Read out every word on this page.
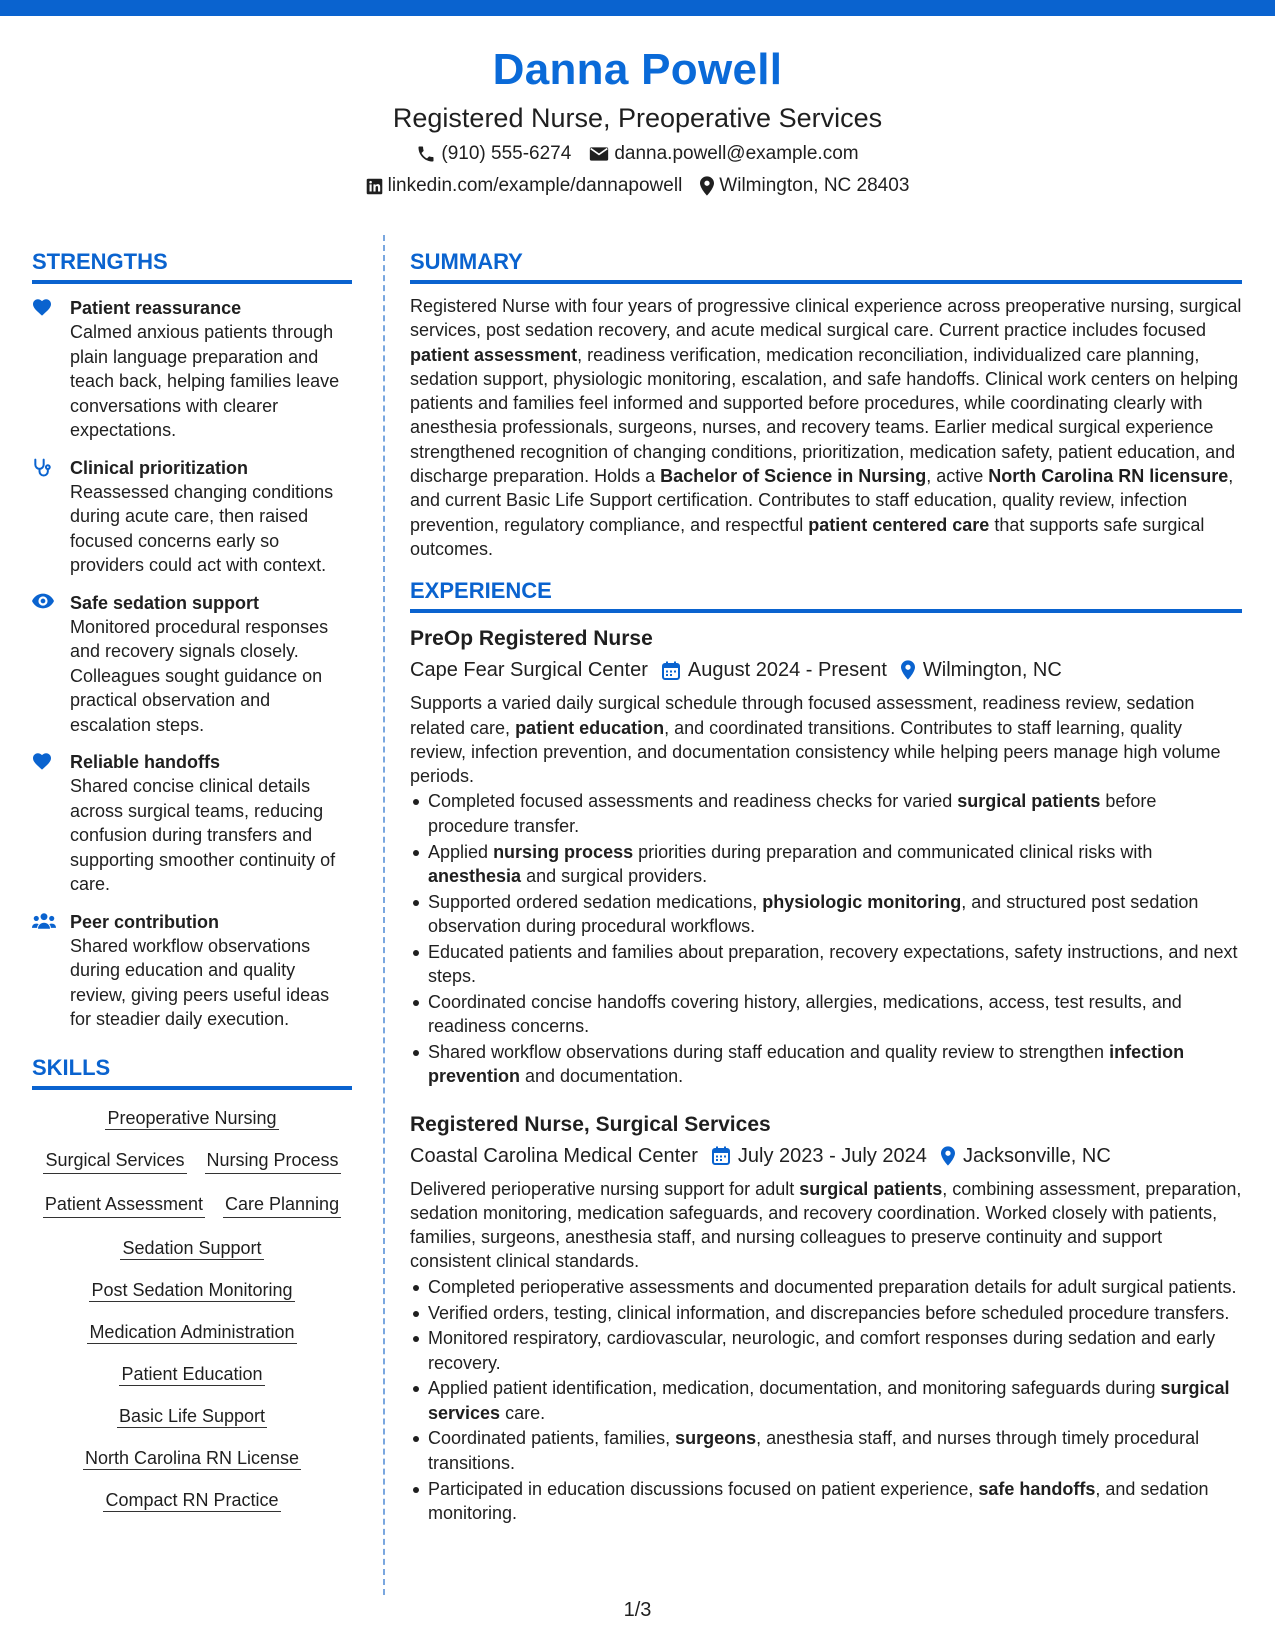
Danna Powell
Registered Nurse, Preoperative Services
(910) 555-6274 danna.powell@example.com
linkedin.com/example/dannapowell Wilmington, NC 28403
STRENGTHS
Patient reassurance
Calmed anxious patients through plain language preparation and teach back, helping families leave conversations with clearer expectations.
Clinical prioritization
Reassessed changing conditions during acute care, then raised focused concerns early so providers could act with context.
Safe sedation support
Monitored procedural responses and recovery signals closely. Colleagues sought guidance on practical observation and escalation steps.
Reliable handoffs
Shared concise clinical details across surgical teams, reducing confusion during transfers and supporting smoother continuity of care.
Peer contribution
Shared workflow observations during education and quality review, giving peers useful ideas for steadier daily execution.
SKILLS
Preoperative Nursing
Surgical Services Nursing Process
Patient Assessment Care Planning
Sedation Support
Post Sedation Monitoring
Medication Administration
Patient Education
Basic Life Support
North Carolina RN License
Compact RN Practice
SUMMARY

Registered Nurse with four years of progressive clinical experience across preoperative nursing, surgical services, post sedation recovery, and acute medical surgical care. Current practice includes focused patient assessment, readiness verification, medication reconciliation, individualized care planning, sedation support, physiologic monitoring, escalation, and safe handoffs. Clinical work centers on helping patients and families feel informed and supported before procedures, while coordinating clearly with anesthesia professionals, surgeons, nurses, and recovery teams. Earlier medical surgical experience strengthened recognition of changing conditions, prioritization, medication safety, patient education, and discharge preparation. Holds a Bachelor of Science in Nursing, active North Carolina RN licensure, and current Basic Life Support certification. Contributes to staff education, quality review, infection prevention, regulatory compliance, and respectful patient centered care that supports safe surgical outcomes.

EXPERIENCE
PreOp Registered Nurse
Cape Fear Surgical Center August 2024 - Present Wilmington, NC

Supports a varied daily surgical schedule through focused assessment, readiness review, sedation related care, patient education, and coordinated transitions. Contributes to staff learning, quality review, infection prevention, and documentation consistency while helping peers manage high volume periods.

Completed focused assessments and readiness checks for varied surgical patients before procedure transfer.
Applied nursing process priorities during preparation and communicated clinical risks with anesthesia and surgical providers.
Supported ordered sedation medications, physiologic monitoring, and structured post sedation observation during procedural workflows.
Educated patients and families about preparation, recovery expectations, safety instructions, and next steps.
Coordinated concise handoffs covering history, allergies, medications, access, test results, and readiness concerns.
Shared workflow observations during staff education and quality review to strengthen infection prevention and documentation.
Registered Nurse, Surgical Services
Coastal Carolina Medical Center July 2023 - July 2024 Jacksonville, NC

Delivered perioperative nursing support for adult surgical patients, combining assessment, preparation, sedation monitoring, medication safeguards, and recovery coordination. Worked closely with patients, families, surgeons, anesthesia staff, and nursing colleagues to preserve continuity and support consistent clinical standards.

Completed perioperative assessments and documented preparation details for adult surgical patients.
Verified orders, testing, clinical information, and discrepancies before scheduled procedure transfers.
Monitored respiratory, cardiovascular, neurologic, and comfort responses during sedation and early recovery.
Applied patient identification, medication, documentation, and monitoring safeguards during surgical services care.
Coordinated patients, families, surgeons, anesthesia staff, and nurses through timely procedural transitions.
Participated in education discussions focused on patient experience, safe handoffs, and sedation monitoring.
1/3
